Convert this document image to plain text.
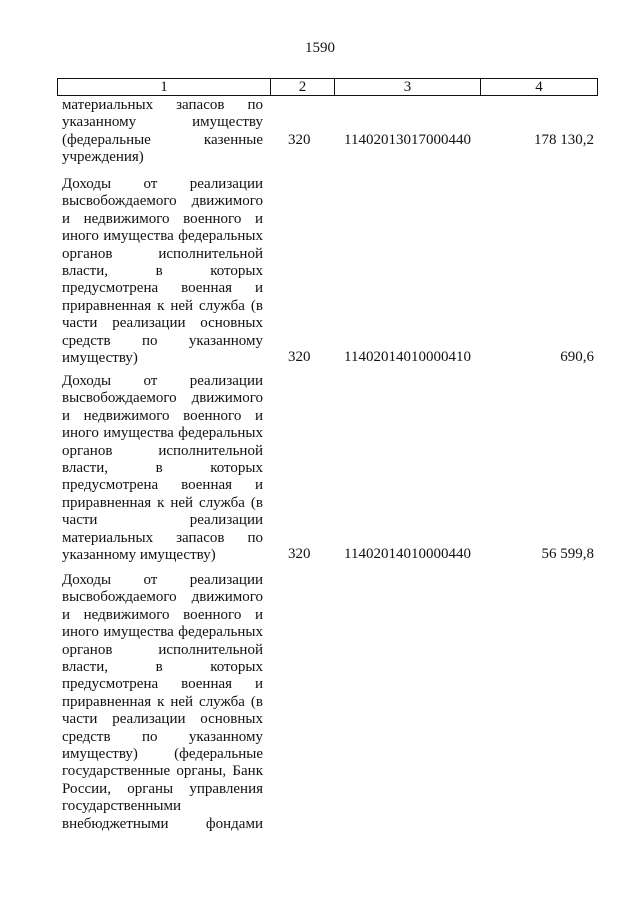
1590
1	2	3	4
материальных запасов по
указанному имуществу
(федеральные казенные
учреждения)
320	11402013017000440	178 130,2
Доходы от реализации
высвобождаемого движимого
и недвижимого военного и
иного имущества федеральных
органов исполнительной
власти, в которых
предусмотрена военная и
приравненная к ней служба (в
части реализации основных
средств по указанному
имуществу)	320	11402014010000410	690,6
Доходы от реализации
высвобождаемого движимого
и недвижимого военного и
иного имущества федеральных
органов исполнительной
власти, в которых
предусмотрена военная и
приравненная к ней служба (в
части реализации
материальных запасов по
указанному имуществу)	320	11402014010000440	56 599,8
Доходы от реализации
высвобождаемого движимого
и недвижимого военного и
иного имущества федеральных
органов исполнительной
власти, в которых
предусмотрена военная и
приравненная к ней служба (в
части реализации основных
средств по указанному
имуществу) (федеральные
государственные органы, Банк
России, органы управления
государственными
внебюджетными фондами
